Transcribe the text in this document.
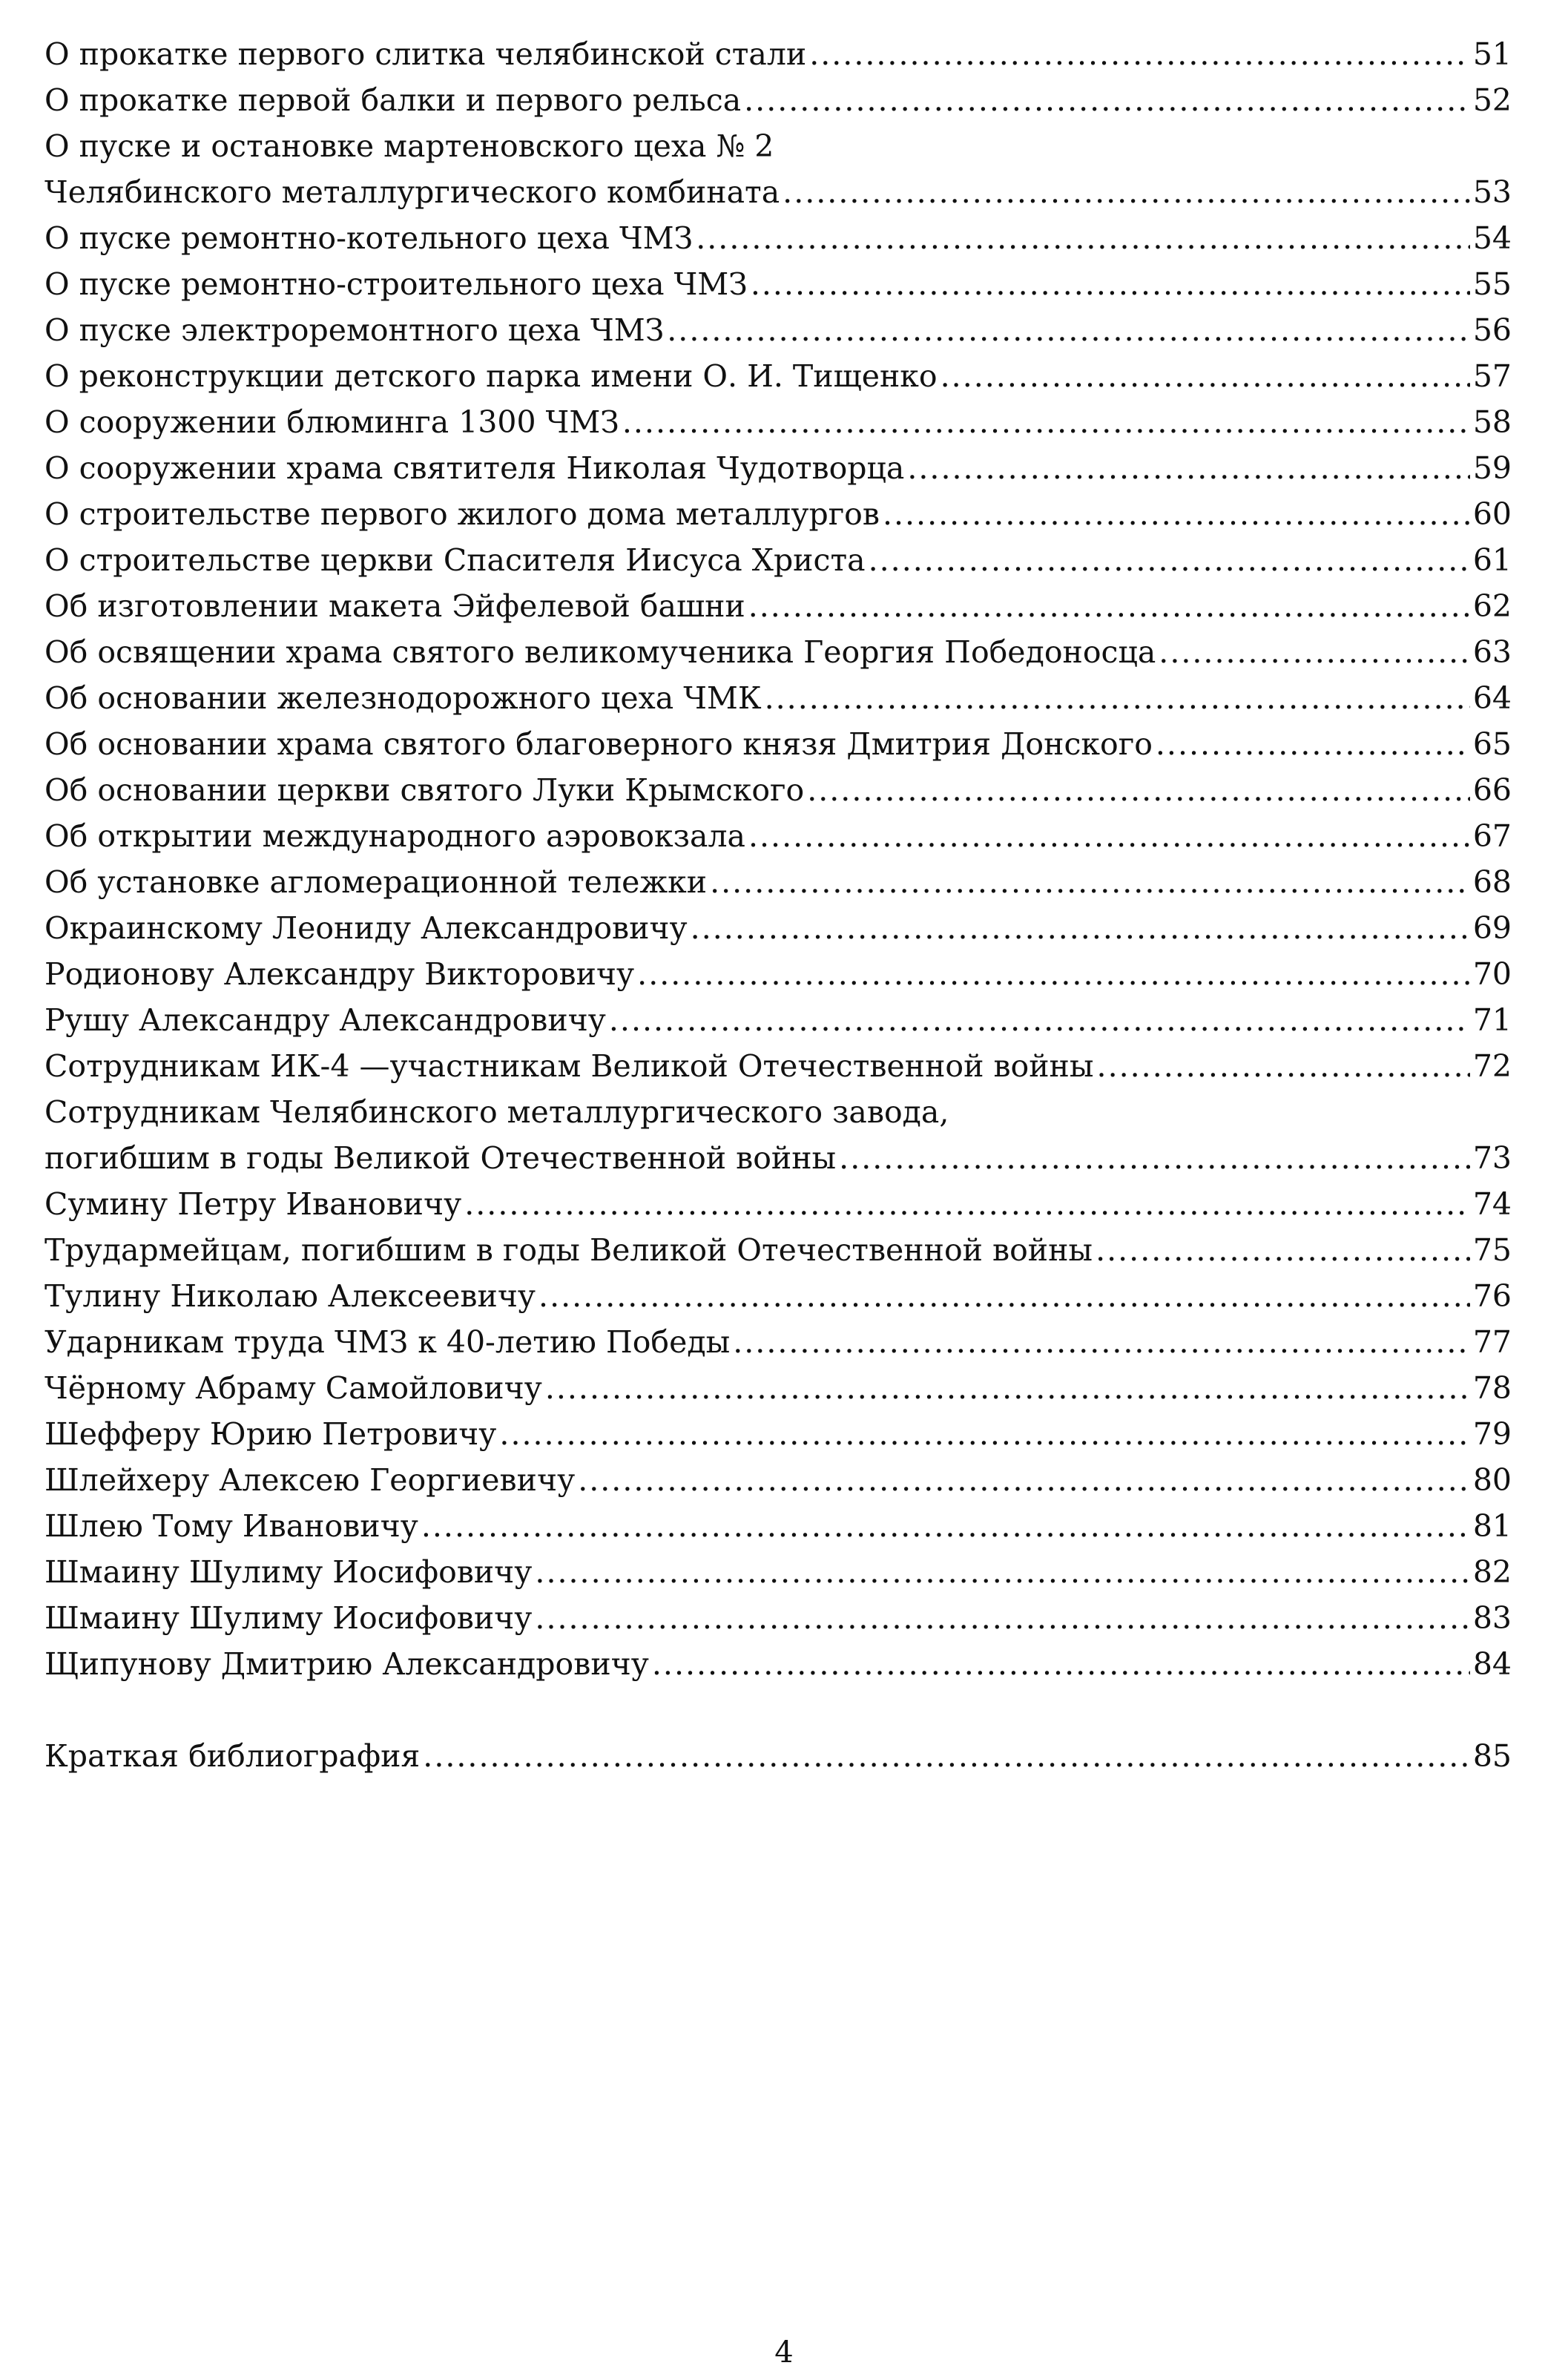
О прокатке первого слитка челябинской стали .....	51
О прокатке первой балки и первого рельса .....	52
О пуске и остановке мартеновского цеха № 2
Челябинского металлургического комбината .....	53
О пуске ремонтно-котельного цеха ЧМЗ .....	54
О пуске ремонтно-строительного цеха ЧМЗ .....	55
О пуске электроремонтного цеха ЧМЗ .....	56
О реконструкции детского парка имени О. И. Тищенко .....	57
О сооружении блюминга 1300 ЧМЗ .....	58
О сооружении храма святителя Николая Чудотворца .....	59
О строительстве первого жилого дома металлургов .....	60
О строительстве церкви Спасителя Иисуса Христа .....	61
Об изготовлении макета Эйфелевой башни .....	62
Об освящении храма святого великомученика Георгия Победоносца .....	63
Об основании железнодорожного цеха ЧМК .....	64
Об основании храма святого благоверного князя Дмитрия Донского .....	65
Об основании церкви святого Луки Крымского .....	66
Об открытии международного аэровокзала .....	67
Об установке агломерационной тележки .....	68
Окраинскому Леониду Александровичу .....	69
Родионову Александру Викторовичу .....	70
Рушу Александру Александровичу .....	71
Сотрудникам ИК-4 —участникам Великой Отечественной войны .....	72
Сотрудникам Челябинского металлургического завода,
погибшим в годы Великой Отечественной войны .....	73
Сумину Петру Ивановичу .....	74
Трудармейцам, погибшим в годы Великой Отечественной войны .....	75
Тулину Николаю Алексеевичу .....	76
Ударникам труда ЧМЗ к 40-летию Победы .....	77
Чёрному Абраму Самойловичу .....	78
Шефферу Юрию Петровичу .....	79
Шлейхеру Алексею Георгиевичу .....	80
Шлею Тому Ивановичу .....	81
Шмаину Шулиму Иосифовичу .....	82
Шмаину Шулиму Иосифовичу .....	83
Щипунову Дмитрию Александровичу .....	84
Краткая библиография .....	85
4
